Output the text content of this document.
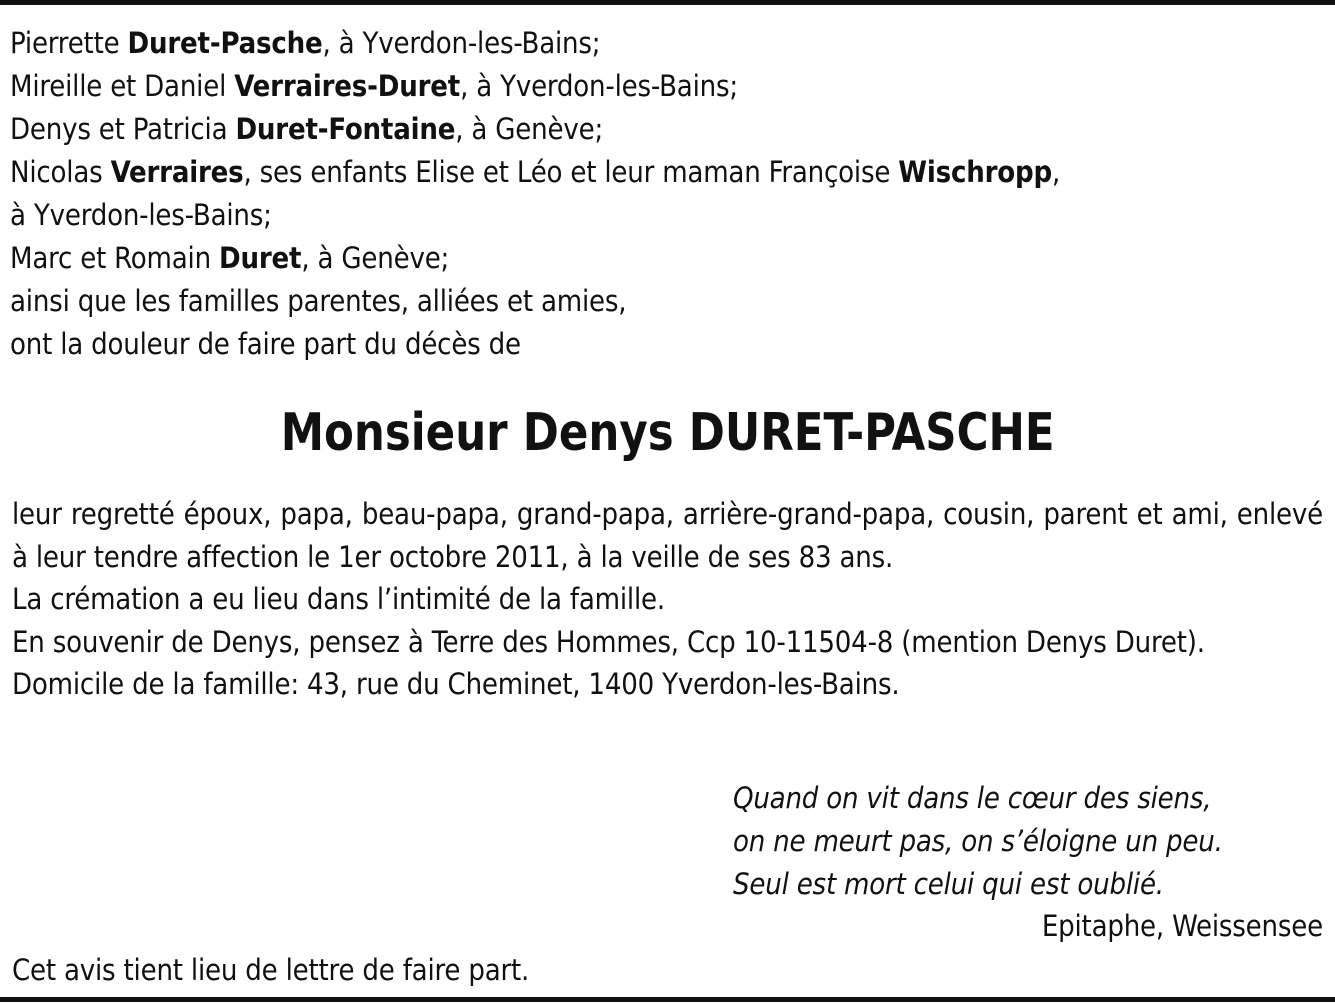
Pierrette Duret-Pasche, à Yverdon-les-Bains;
Mireille et Daniel Verraires-Duret, à Yverdon-les-Bains;
Denys et Patricia Duret-Fontaine, à Genève;
Nicolas Verraires, ses enfants Elise et Léo et leur maman Françoise Wischropp,
à Yverdon-les-Bains;
Marc et Romain Duret, à Genève;
ainsi que les familles parentes, alliées et amies,
ont la douleur de faire part du décès de
Monsieur Denys DURET-PASCHE

leur regretté époux, papa, beau-papa, grand-papa, arrière-grand-papa, cousin, parent et ami, enlevé à leur tendre affection le 1er octobre 2011, à la veille de ses 83 ans.

La crémation a eu lieu dans l’intimité de la famille.

En souvenir de Denys, pensez à Terre des Hommes, Ccp 10-11504-8 (mention Denys Duret).

Domicile de la famille: 43, rue du Cheminet, 1400 Yverdon-les-Bains.

Quand on vit dans le cœur des siens,
on ne meurt pas, on s’éloigne un peu.
Seul est mort celui qui est oublié.
Epitaphe, Weissensee
Cet avis tient lieu de lettre de faire part.
